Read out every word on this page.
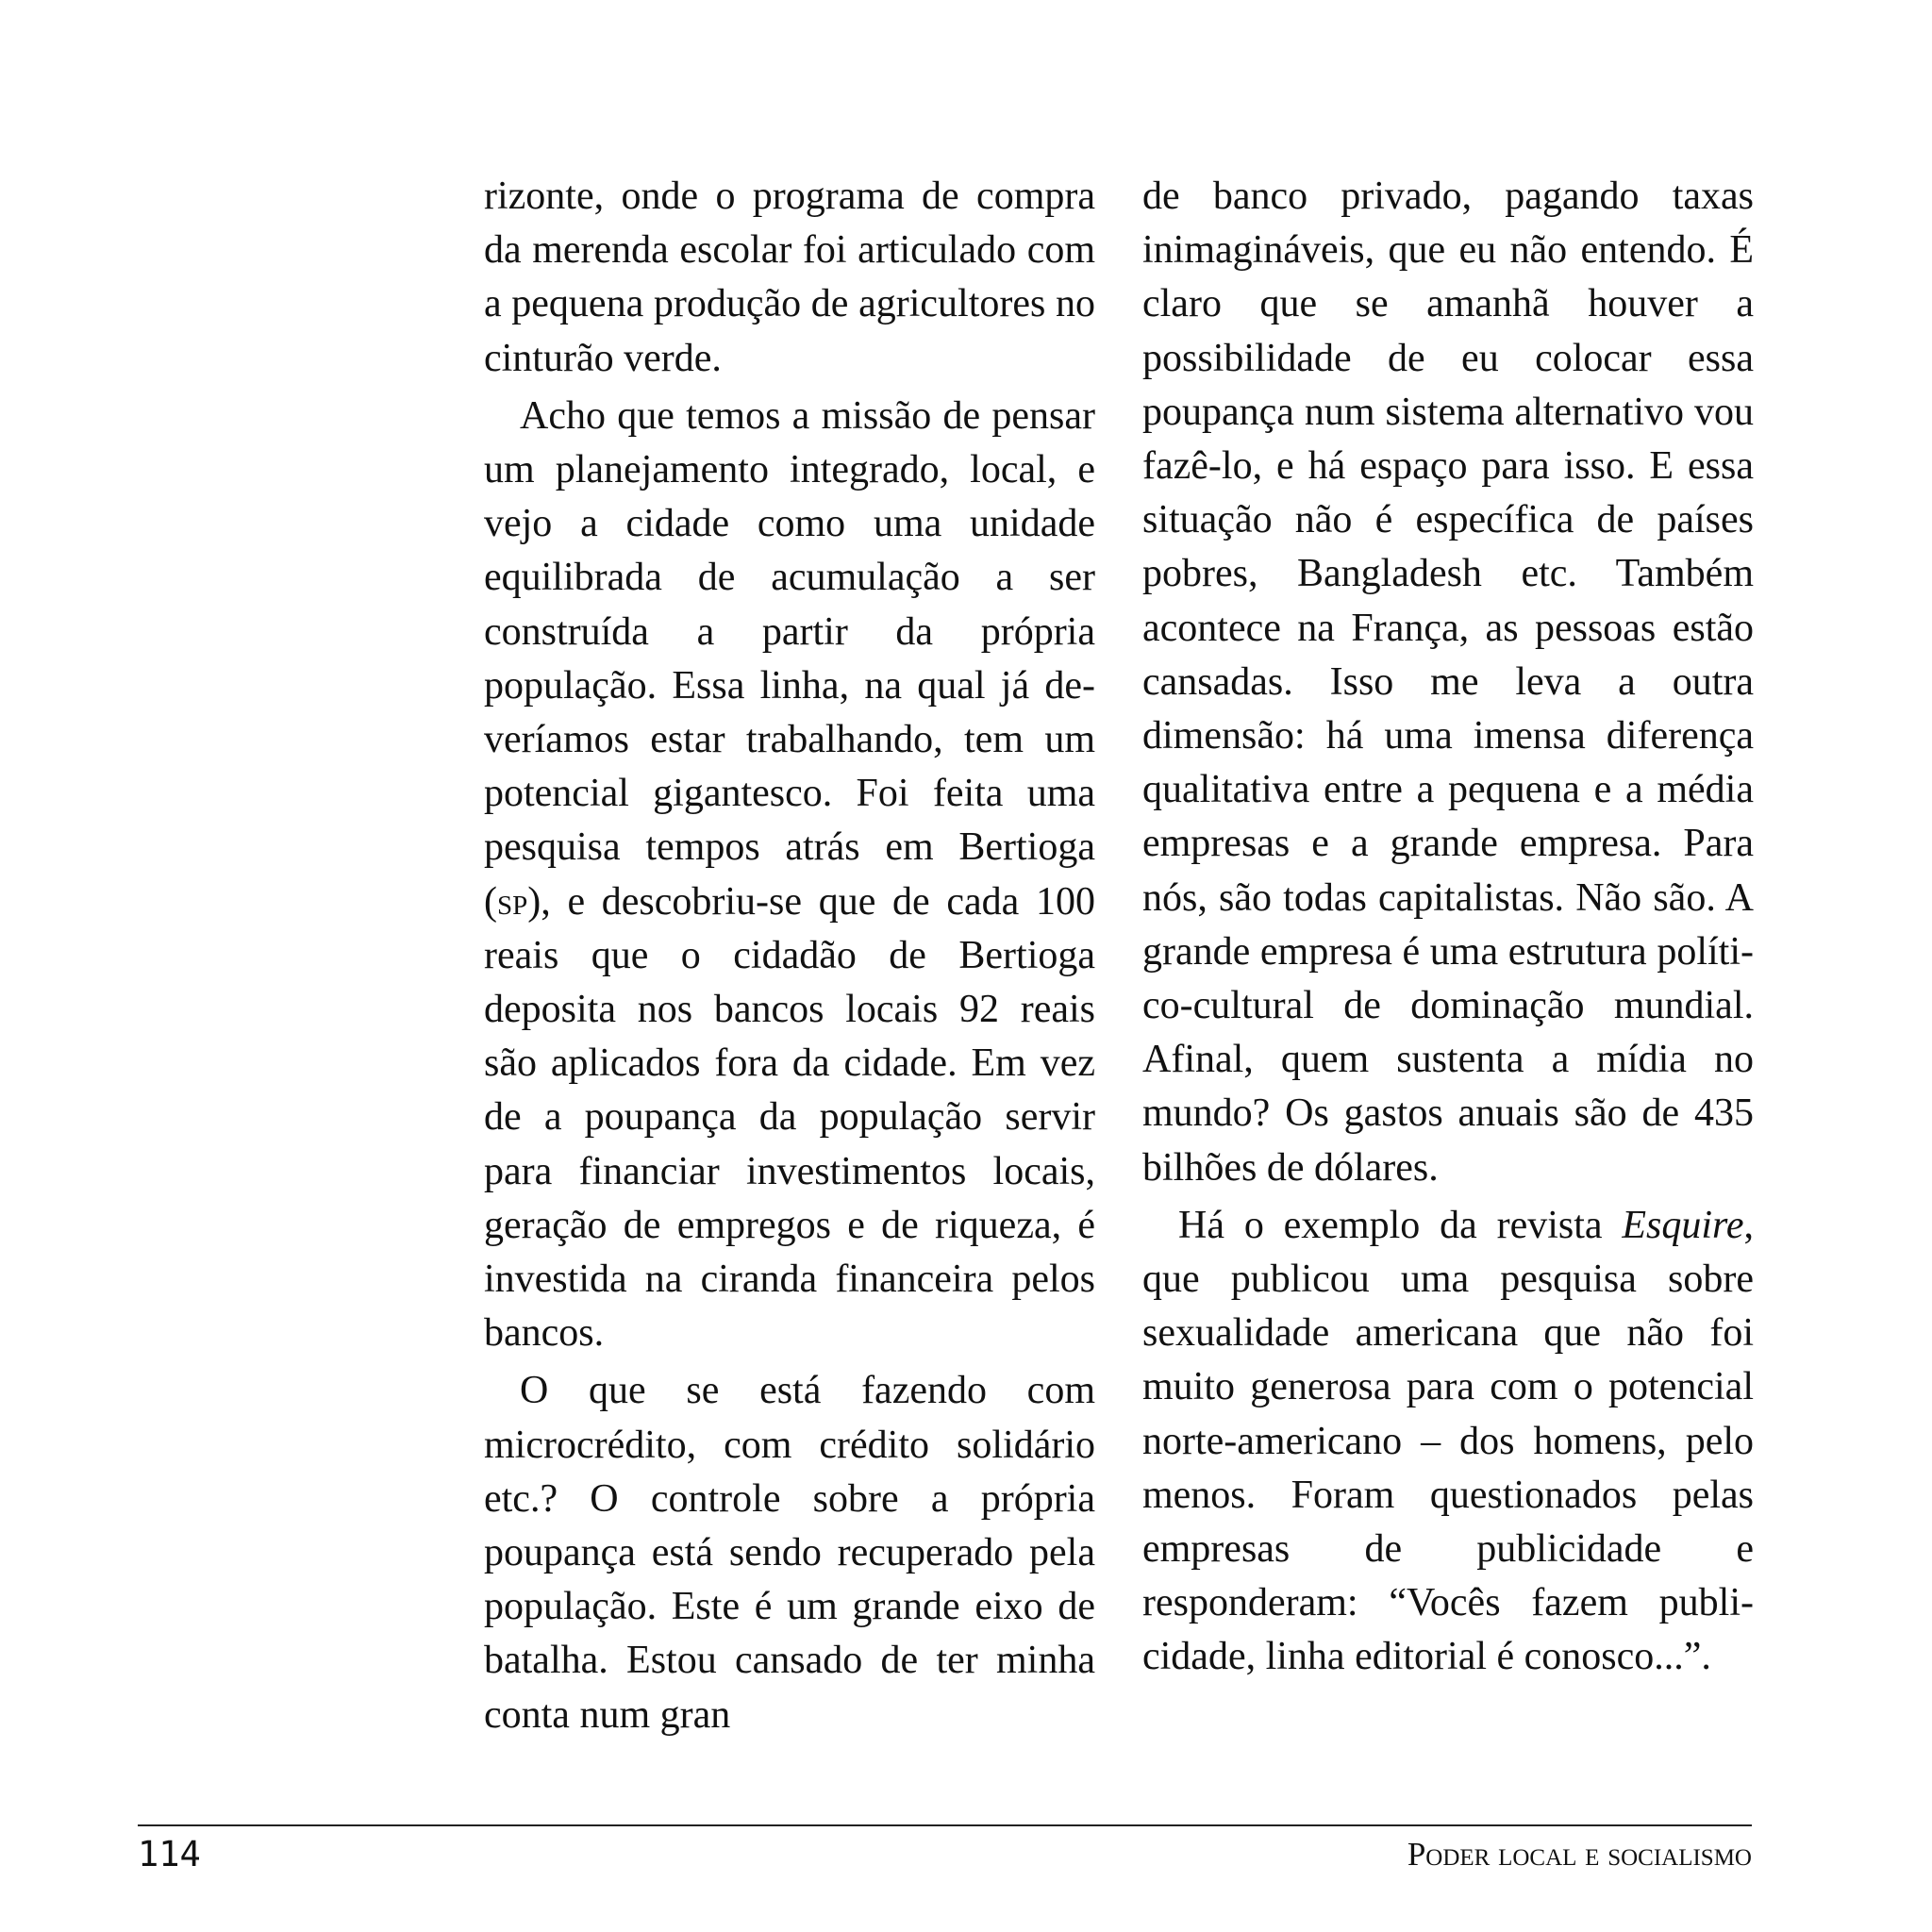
rizonte, onde o programa de compra da merenda escolar foi articulado com a pequena produção de agricultores no cinturão verde.

Acho que temos a missão de pensar um planejamento integrado, local, e vejo a cidade como uma unidade equilibrada de acumulação a ser construída a partir da própria população. Essa linha, na qual já deveríamos estar trabalhando, tem um potencial gigantesco. Foi feita uma pesquisa tempos atrás em Bertioga (sp), e descobriu-se que de cada 100 reais que o cidadão de Bertioga deposita nos bancos locais 92 reais são aplicados fora da cidade. Em vez de a poupança da população servir para financiar investimentos locais, geração de empregos e de riqueza, é investida na ciranda financeira pelos bancos.

O que se está fazendo com microcrédito, com crédito solidário etc.? O controle sobre a própria poupança está sendo recuperado pela população. Este é um grande eixo de batalha. Estou cansado de ter minha conta num gran

de banco privado, pagando taxas inimagináveis, que eu não entendo. É claro que se amanhã houver a possibilidade de eu colocar essa poupança num sistema alternativo vou fazê-lo, e há espaço para isso. E essa situação não é específica de países pobres, Bangladesh etc. Também acontece na França, as pessoas estão cansadas. Isso me leva a outra dimensão: há uma imensa diferença qualitativa entre a pequena e a média empresas e a grande empresa. Para nós, são todas capitalistas. Não são. A grande empresa é uma estrutura político-cultural de dominação mundial. Afinal, quem sustenta a mídia no mundo? Os gastos anuais são de 435 bilhões de dólares.

Há o exemplo da revista Esquire, que publicou uma pesquisa sobre sexualidade americana que não foi muito generosa para com o potencial norte-americano – dos homens, pelo menos. Foram questionados pelas empresas de publicidade e responderam: “Vocês fazem publicidade, linha editorial é conosco...”.

114	Poder local e socialismo
